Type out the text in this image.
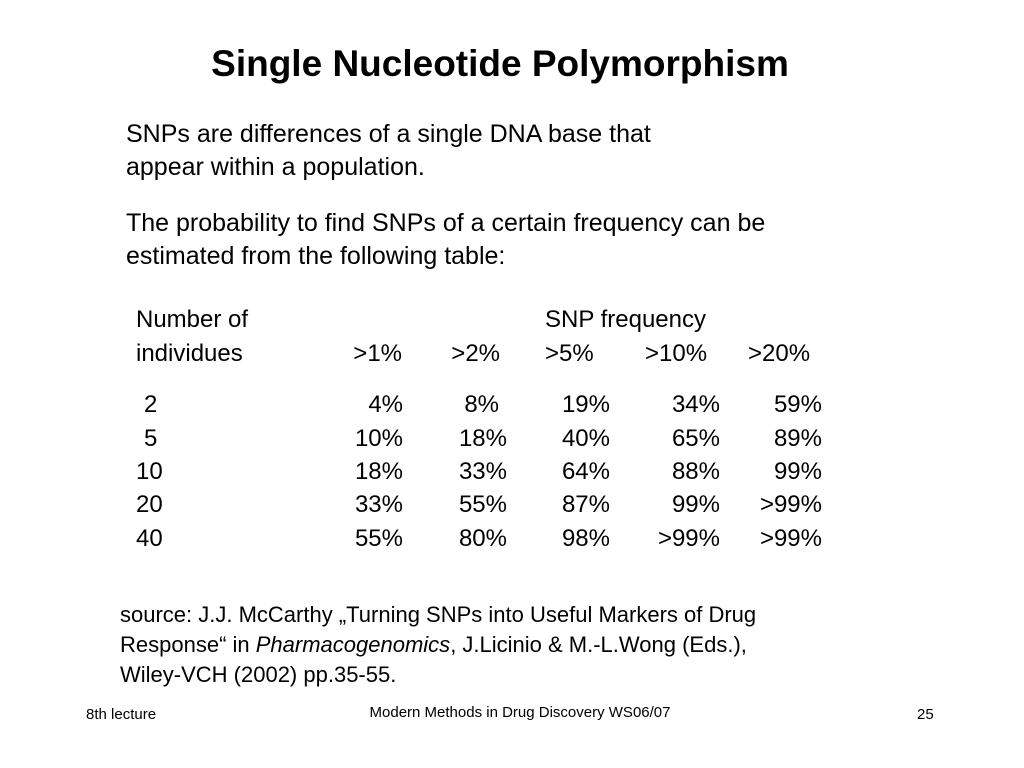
Single Nucleotide Polymorphism
SNPs are differences of a single DNA base that
appear within a population.
The probability to find SNPs of a certain frequency can be
estimated from the following table:
Number of	SNP frequency
individues	>1%	>2% >5% >10% >20%
2	4%	8%	19%	34%	59%
5	10%	18%	40%	65%	89%
10	18%	33%	64%	88%	99%
20	33%	55%	87%	99%	>99%
40	55%	80%	98%	>99%	>99%
source: J.J. McCarthy „Turning SNPs into Useful Markers of Drug
Response“ in Pharmacogenomics, J.Licinio & M.-L.Wong (Eds.),
Wiley-VCH (2002) pp.35-55.
8th lecture	Modern Methods in Drug Discovery WS06/07	25
